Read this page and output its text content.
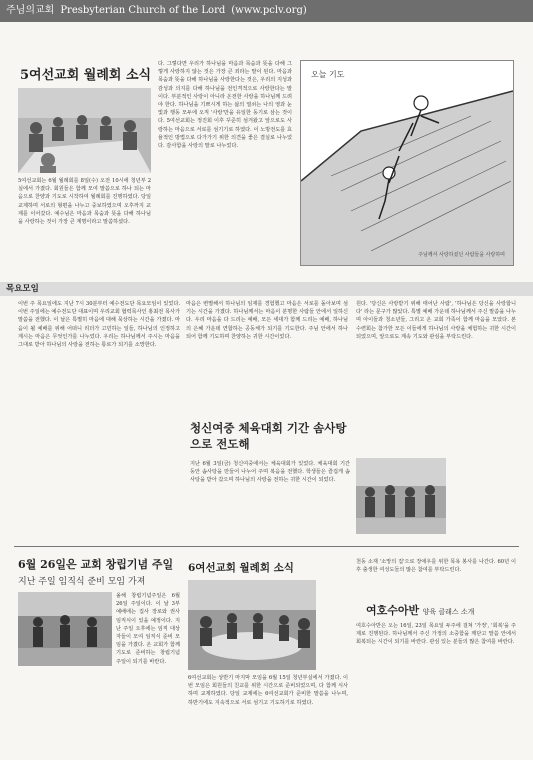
주님의교회 Presbyterian Church of the Lord (www.pclv.org)
5여선교회 월례회 소식
5여선교회는 6월 월례회를 8일(수) 오전 10시에 청년부 2실에서 가졌다. 회원들은 함께 모여 말씀으로 하나 되는 마음으로 찬양과 기도로 시작하여 월례회를 진행하였다. 당일 교제하며 서로의 형편을 나누고 중보하였으며 오후까지 교제를 이어갔다. 예수님은 마음과 목숨과 뜻을 다해 하나님을 사랑하는 것이 가장 큰 계명이라고 말씀하셨다.
다. 그렇다면 우리가 하나님을 마음과 목숨과 뜻을 다해 그렇게 사랑하지 않는 것은 가장 큰 죄라는 말이 된다. 마음과 목숨과 뜻을 다해 하나님을 사랑한다는 것은, 우리의 지성과 감성과 의지를 다해 하나님을 전인격적으로 사랑한다는 말이다. 부분적인 사랑이 아니라 온전한 사랑을 하나님께 드려야 한다. 하나님을 기쁘시게 하는 삶의 열쇠는 나의 영과 눈빛과 행동 모두에 오직 '사랑'만을 유일한 동기로 삼는 것이다. 5여선교회는 정진회 이후 꾸준히 섬겨왔고 앞으로도 사랑하는 마음으로 서로를 섬기기로 하였다. 이 노방전도를 효율적인 방법으로 다가가기 위한 의견을 좋은 결실로 나누었다. 감사함을 사랑의 말로 나누었다.
오늘 기도
주님께서 사랑하셨던 사람들을 사랑하며
목요모임
이번 주 목요일에도 지난 7시 30분부터 예수전도단 목요모임이 있었다. 이번 주일에는 예수전도단 대표이며 우리교회 협력목사인 홍최전 목사가 말씀을 전했다. 이 날은 특별히 마음에 대해 묵상하는 시간을 가졌다. 마음이 될 예배를 위해 어떠니 리더가 고민하는 일들, 하나님의 인정하고 계시는 마음은 무엇인가를 나누었다. 우리는 하나님께서 주시는 마음을 그대로 받아 하나님의 사랑을 전하는 통로가 되기를 소망한다.
마음은 변별해서 하나님의 임재를 경험했고 마음은 서로를 돌아보며 섬기는 시간을 가졌다. 하나님께서는 마음이 분명한 사람들 안에서 일하신다. 우리 마음을 다 드리는 예배, 모든 세대가 함께 드리는 예배, 하나님의 은혜 가운데 연합하는 공동체가 되기를 기도한다. 주님 안에서 하나 되어 함께 기도하며 찬양하는 귀한 시간이었다.
원다. '당신은 사랑받기 위해 태어난 사람', '하나님은 당신을 사랑합니다' 라는 문구가 많았다. 특별 예배 가운데 하나님께서 주신 말씀을 나누며 아이들과 청소년들, 그리고 온 교회 가족이 함께 마음을 모았다. 본 수련회는 참가한 모든 이들에게 하나님의 사랑을 체험하는 귀한 시간이 되었으며, 앞으로도 계속 기도와 관심을 부탁드린다.
청신여중 체육대회 기간 솜사탕으로 전도해
지난 6월 3일(금) 청신여중에서는 체육대회가 있었다. 체육대회 기간 동안 솜사탕을 만들어 나누어 주며 복음을 전했다. 학생들은 즐겁게 솜사탕을 받아 갔으며 하나님의 사랑을 전하는 귀한 시간이 되었다.
6월 26일은 교회 창립기념 주일
지난 주일 임직식 준비 모임 가져
올해 창립기념주일은 6월 26일 주일이다. 이 날 3부 예배에는 집사 장로와 권사 임직식이 있을 예정이다. 지난 주일 오후에는 임직 대상자들이 모여 임직식 준비 모임을 가졌다. 온 교회가 함께 기도로 준비하는 창립기념 주일이 되기를 바란다.
6여선교회 월례회 소식
6여선교회는 상반기 마지막 모임을 6월 15일 청년부실에서 가졌다. 이번 모임은 회원들의 친교를 위한 시간으로 준비되었으며, 다 함께 식사하며 교제하였다. 당일 교제에는 6여선교회가 준비한 말씀을 나누며, 하반기에도 지속적으로 서로 섬기고 기도하기로 하였다.
천동 소재 '소망의 집'으로 장애우를 위한 목욕 봉사를 나간다. 60년 이후 출생한 여성도들의 많은 참여를 부탁드린다.
여호수아반 양육 클래스 소개
여호수아반은 오는 16일, 23일 목요일 두주에 걸쳐 '가정', '회복'을 주제로 진행된다. 하나님께서 주신 가정의 소중함을 깨닫고 말씀 안에서 회복되는 시간이 되기를 바란다. 관심 있는 분들의 많은 참여를 바란다.
